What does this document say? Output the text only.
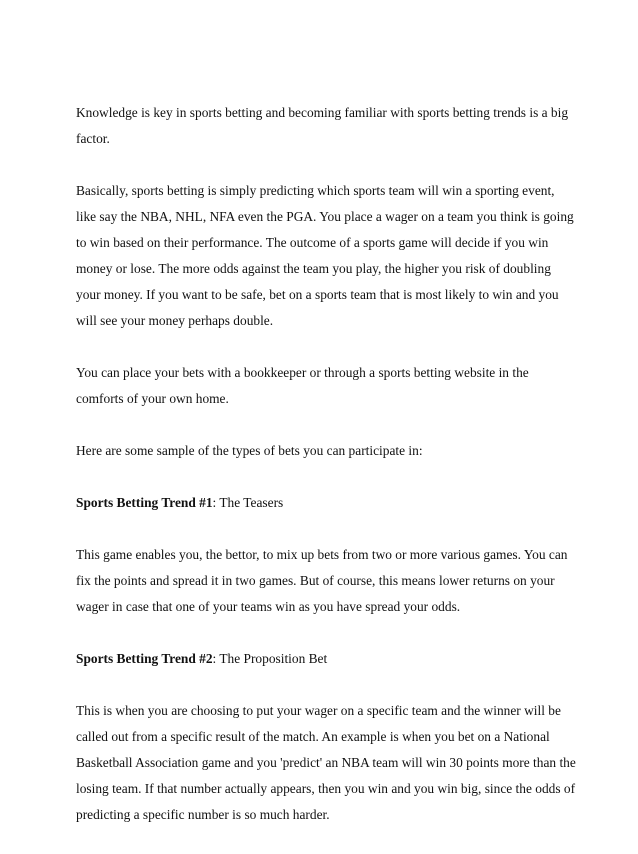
Knowledge is key in sports betting and becoming familiar with sports betting trends is a big factor.

Basically, sports betting is simply predicting which sports team will win a sporting event, like say the NBA, NHL, NFA even the PGA. You place a wager on a team you think is going to win based on their performance. The outcome of a sports game will decide if you win money or lose. The more odds against the team you play, the higher you risk of doubling your money. If you want to be safe, bet on a sports team that is most likely to win and you will see your money perhaps double.

You can place your bets with a bookkeeper or through a sports betting website in the comforts of your own home.

Here are some sample of the types of bets you can participate in:

Sports Betting Trend #1: The Teasers

This game enables you, the bettor, to mix up bets from two or more various games. You can fix the points and spread it in two games. But of course, this means lower returns on your wager in case that one of your teams win as you have spread your odds.

Sports Betting Trend #2: The Proposition Bet

This is when you are choosing to put your wager on a specific team and the winner will be called out from a specific result of the match. An example is when you bet on a National Basketball Association game and you 'predict' an NBA team will win 30 points more than the losing team. If that number actually appears, then you win and you win big, since the odds of predicting a specific number is so much harder.
